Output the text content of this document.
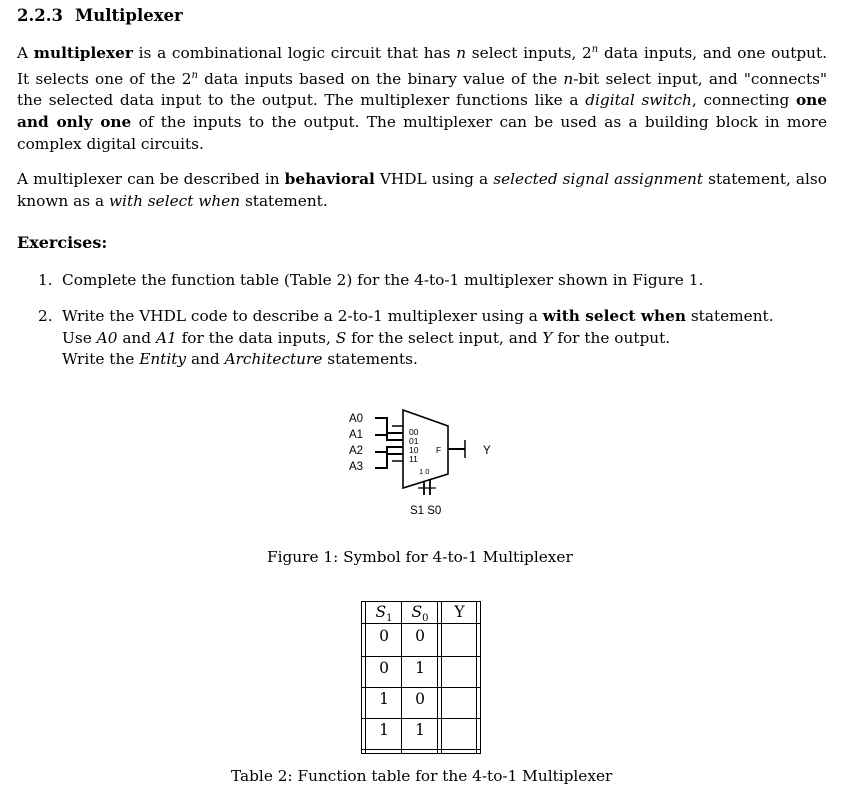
2.2.3 Multiplexer
A multiplexer is a combinational logic circuit that has n select inputs, 2$^n$ data inputs, and one output. It selects one of the 2$^n$ data inputs based on the binary value of the n-bit select input, and "connects" the selected data input to the output. The multiplexer functions like a digital switch, connecting one and only one of the inputs to the output. The multiplexer can be used as a building block in more complex digital circuits.
A multiplexer can be described in behavioral VHDL using a selected signal assignment statement, also known as a with select when statement.
Exercises:
1. Complete the function table (Table 2) for the 4-to-1 multiplexer shown in Figure 1.
2. Write the VHDL code to describe a 2-to-1 multiplexer using a with select when statement.
Use A0 and A1 for the data inputs, S for the select input, and Y for the output.
Write the Entity and Architecture statements.
A0
A1
A2
A3
00
01
10
11
F
1 0
Y
S1 S0
Figure 1: Symbol for 4-to-1 Multiplexer
$S_1$	$S_0$	Y
0	0
0	1
1	0
1	1
Table 2: Function table for the 4-to-1 Multiplexer
